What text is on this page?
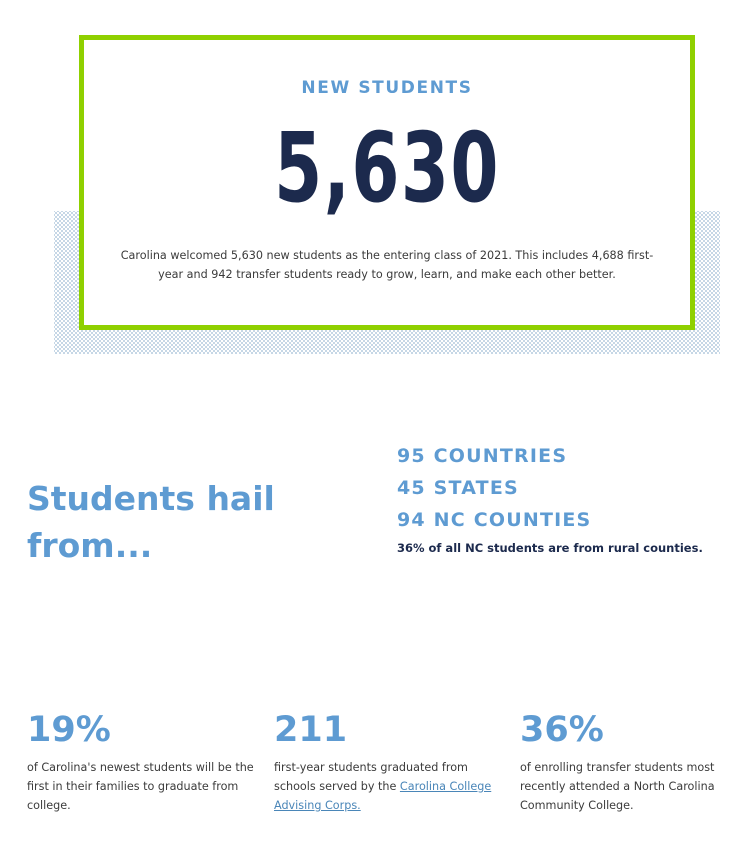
NEW STUDENTS
5,630

Carolina welcomed 5,630 new students as the entering class of 2021. This includes 4,688 first-year and 942 transfer students ready to grow, learn, and make each other better.

Students hail from...
95 COUNTRIES
45 STATES
94 NC COUNTIES

36% of all NC students are from rural counties.

19%

of Carolina's newest students will be the first in their families to graduate from college.

211

first-year students graduated from schools served by the Carolina College Advising Corps.

36%

of enrolling transfer students most recently attended a North Carolina Community College.
